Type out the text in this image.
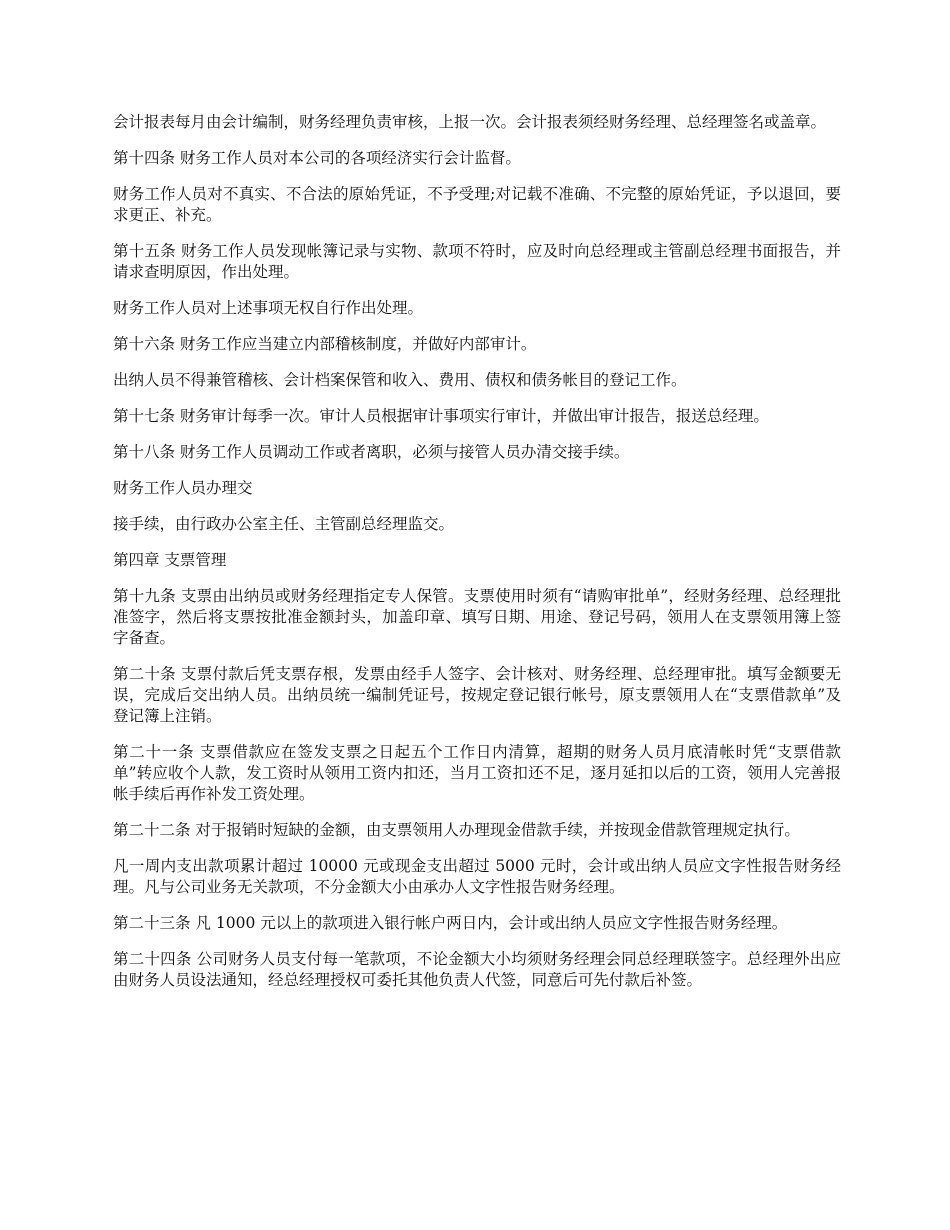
会计报表每月由会计编制，财务经理负责审核，上报一次。会计报表须经财务经理、总经理签名或盖章。

第十四条 财务工作人员对本公司的各项经济实行会计监督。

财务工作人员对不真实、不合法的原始凭证，不予受理;对记载不准确、不完整的原始凭证，予以退回，要求更正、补充。

第十五条 财务工作人员发现帐簿记录与实物、款项不符时，应及时向总经理或主管副总经理书面报告，并请求查明原因，作出处理。

财务工作人员对上述事项无权自行作出处理。

第十六条 财务工作应当建立内部稽核制度，并做好内部审计。

出纳人员不得兼管稽核、会计档案保管和收入、费用、债权和债务帐目的登记工作。

第十七条 财务审计每季一次。审计人员根据审计事项实行审计，并做出审计报告，报送总经理。

第十八条 财务工作人员调动工作或者离职，必须与接管人员办清交接手续。

财务工作人员办理交

接手续，由行政办公室主任、主管副总经理监交。

第四章 支票管理

第十九条 支票由出纳员或财务经理指定专人保管。支票使用时须有“请购审批单”，经财务经理、总经理批准签字，然后将支票按批准金额封头，加盖印章、填写日期、用途、登记号码，领用人在支票领用簿上签字备查。

第二十条 支票付款后凭支票存根，发票由经手人签字、会计核对、财务经理、总经理审批。填写金额要无误，完成后交出纳人员。出纳员统一编制凭证号，按规定登记银行帐号，原支票领用人在“支票借款单”及登记簿上注销。

第二十一条 支票借款应在签发支票之日起五个工作日内清算，超期的财务人员月底清帐时凭“支票借款单”转应收个人款，发工资时从领用工资内扣还，当月工资扣还不足，逐月延扣以后的工资，领用人完善报帐手续后再作补发工资处理。

第二十二条 对于报销时短缺的金额，由支票领用人办理现金借款手续，并按现金借款管理规定执行。

凡一周内支出款项累计超过 10000 元或现金支出超过 5000 元时，会计或出纳人员应文字性报告财务经理。凡与公司业务无关款项，不分金额大小由承办人文字性报告财务经理。

第二十三条 凡 1000 元以上的款项进入银行帐户两日内，会计或出纳人员应文字性报告财务经理。

第二十四条 公司财务人员支付每一笔款项，不论金额大小均须财务经理会同总经理联签字。总经理外出应由财务人员设法通知，经总经理授权可委托其他负责人代签，同意后可先付款后补签。
